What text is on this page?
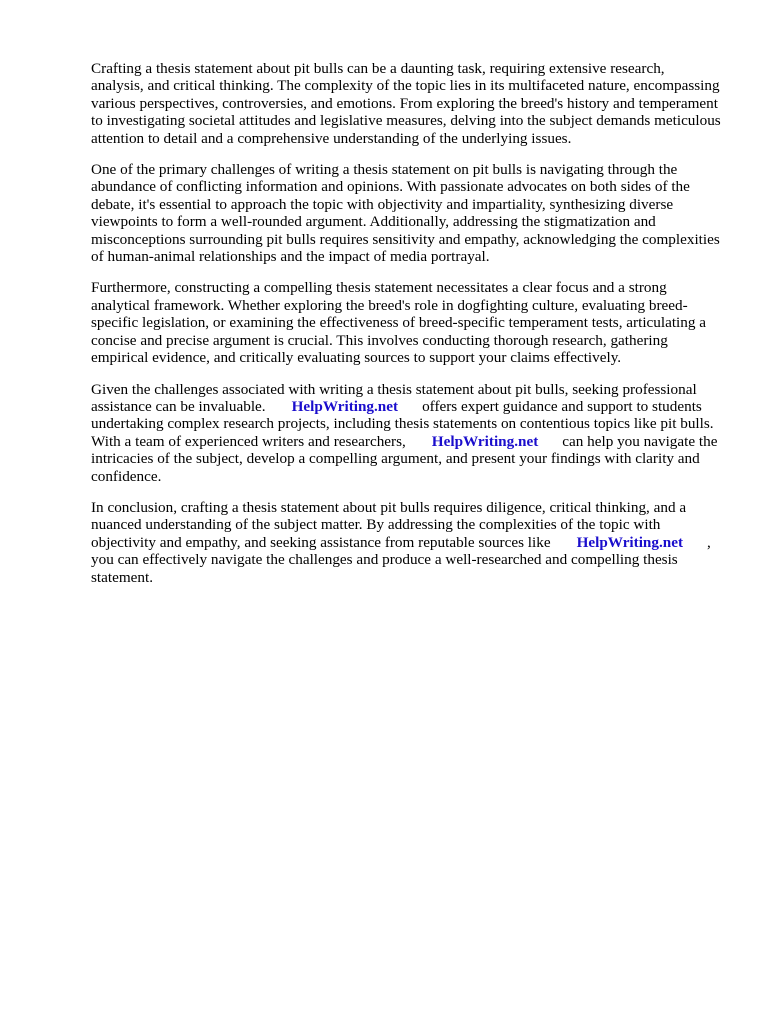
Crafting a thesis statement about pit bulls can be a daunting task, requiring extensive research, analysis, and critical thinking. The complexity of the topic lies in its multifaceted nature, encompassing various perspectives, controversies, and emotions. From exploring the breed's history and temperament to investigating societal attitudes and legislative measures, delving into the subject demands meticulous attention to detail and a comprehensive understanding of the underlying issues.

One of the primary challenges of writing a thesis statement on pit bulls is navigating through the abundance of conflicting information and opinions. With passionate advocates on both sides of the debate, it's essential to approach the topic with objectivity and impartiality, synthesizing diverse viewpoints to form a well-rounded argument. Additionally, addressing the stigmatization and misconceptions surrounding pit bulls requires sensitivity and empathy, acknowledging the complexities of human-animal relationships and the impact of media portrayal.

Furthermore, constructing a compelling thesis statement necessitates a clear focus and a strong analytical framework. Whether exploring the breed's role in dogfighting culture, evaluating breed-specific legislation, or examining the effectiveness of breed-specific temperament tests, articulating a concise and precise argument is crucial. This involves conducting thorough research, gathering empirical evidence, and critically evaluating sources to support your claims effectively.

Given the challenges associated with writing a thesis statement about pit bulls, seeking professional assistance can be invaluable. HelpWriting.net offers expert guidance and support to students undertaking complex research projects, including thesis statements on contentious topics like pit bulls. With a team of experienced writers and researchers, HelpWriting.net can help you navigate the intricacies of the subject, develop a compelling argument, and present your findings with clarity and confidence.

In conclusion, crafting a thesis statement about pit bulls requires diligence, critical thinking, and a nuanced understanding of the subject matter. By addressing the complexities of the topic with objectivity and empathy, and seeking assistance from reputable sources like HelpWriting.net , you can effectively navigate the challenges and produce a well-researched and compelling thesis statement.
